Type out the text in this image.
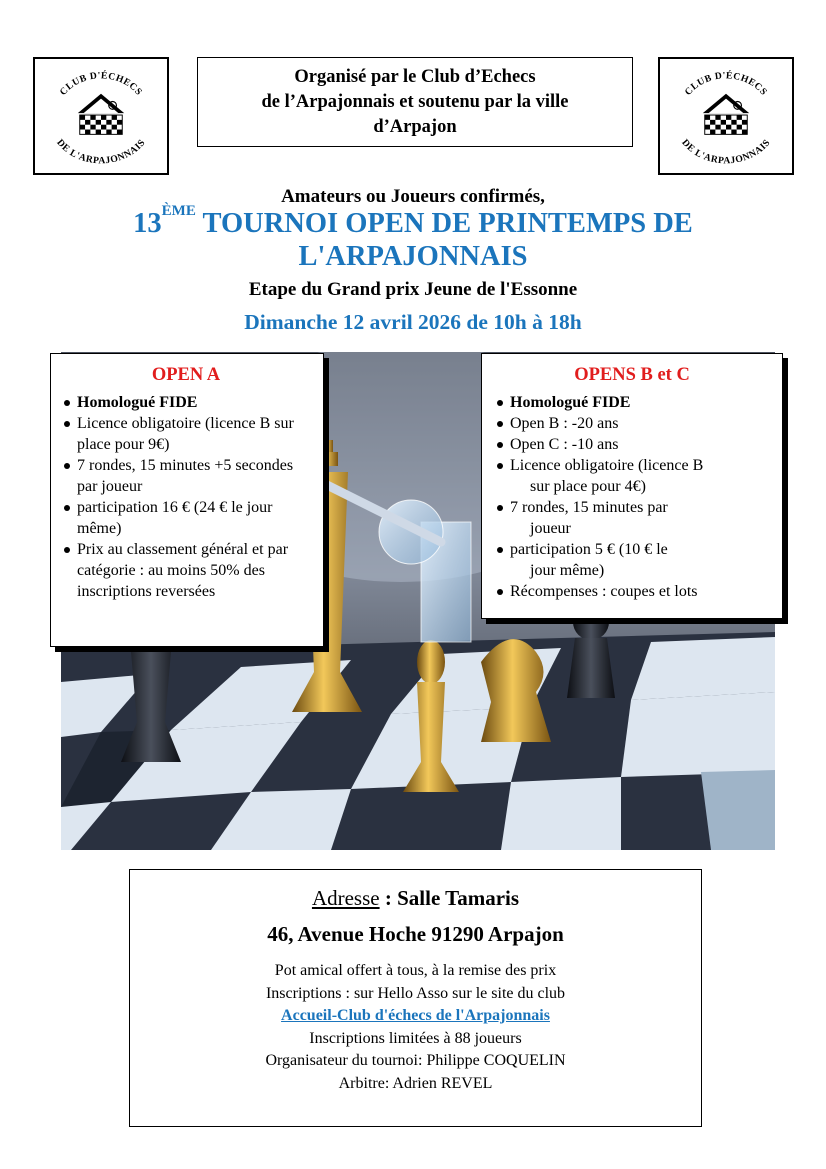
CLUB D'ÉCHECS
DE L'ARPAJONNAIS
CLUB D'ÉCHECS
DE L'ARPAJONNAIS
Organisé par le Club d’Echecs
de l’Arpajonnais et soutenu par la ville
d’Arpajon
Amateurs ou Joueurs confirmés,
13ÈME TOURNOI OPEN DE PRINTEMPS DE
L'ARPAJONNAIS
Etape du Grand prix Jeune de l'Essonne
Dimanche 12 avril 2026 de 10h à 18h
OPEN A
Homologué FIDE
Licence obligatoire (licence B sur place pour 9€)
7 rondes, 15 minutes +5 secondes par joueur
participation 16 € (24 € le jour même)
Prix au classement général et par catégorie : au moins 50% des inscriptions reversées
OPENS B et C
Homologué FIDE
Open B : -20 ans
Open C : -10 ans
Licence obligatoire (licence B
sur place pour 4€)
7 rondes, 15 minutes par
joueur
participation 5 € (10 € le
jour même)
Récompenses : coupes et lots
Adresse : Salle Tamaris
46, Avenue Hoche 91290 Arpajon
Pot amical offert à tous, à la remise des prix
Inscriptions : sur Hello Asso sur le site du club
Accueil-Club d'échecs de l'Arpajonnais
Inscriptions limitées à 88 joueurs
Organisateur du tournoi: Philippe COQUELIN
Arbitre: Adrien REVEL
